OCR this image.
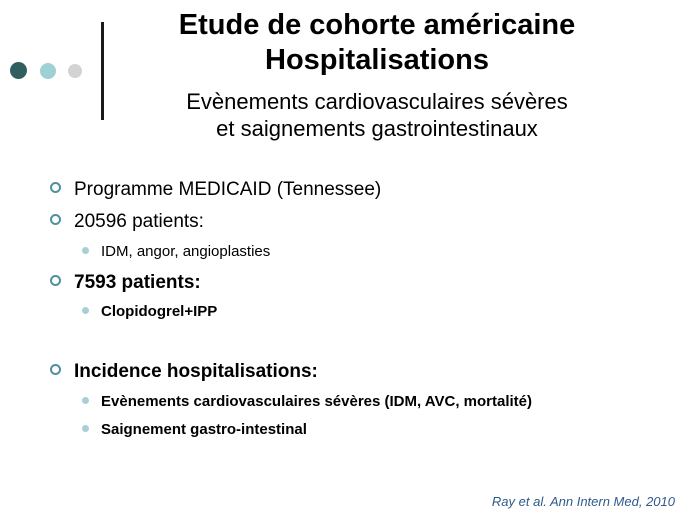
Etude de cohorte américaine
Hospitalisations
Evènements cardiovasculaires sévères
et saignements gastrointestinaux
Programme MEDICAID (Tennessee)
20596 patients:
IDM, angor, angioplasties
7593 patients:
Clopidogrel+IPP
Incidence hospitalisations:
Evènements cardiovasculaires sévères (IDM, AVC, mortalité)
Saignement gastro-intestinal
Ray et al. Ann Intern Med, 2010
